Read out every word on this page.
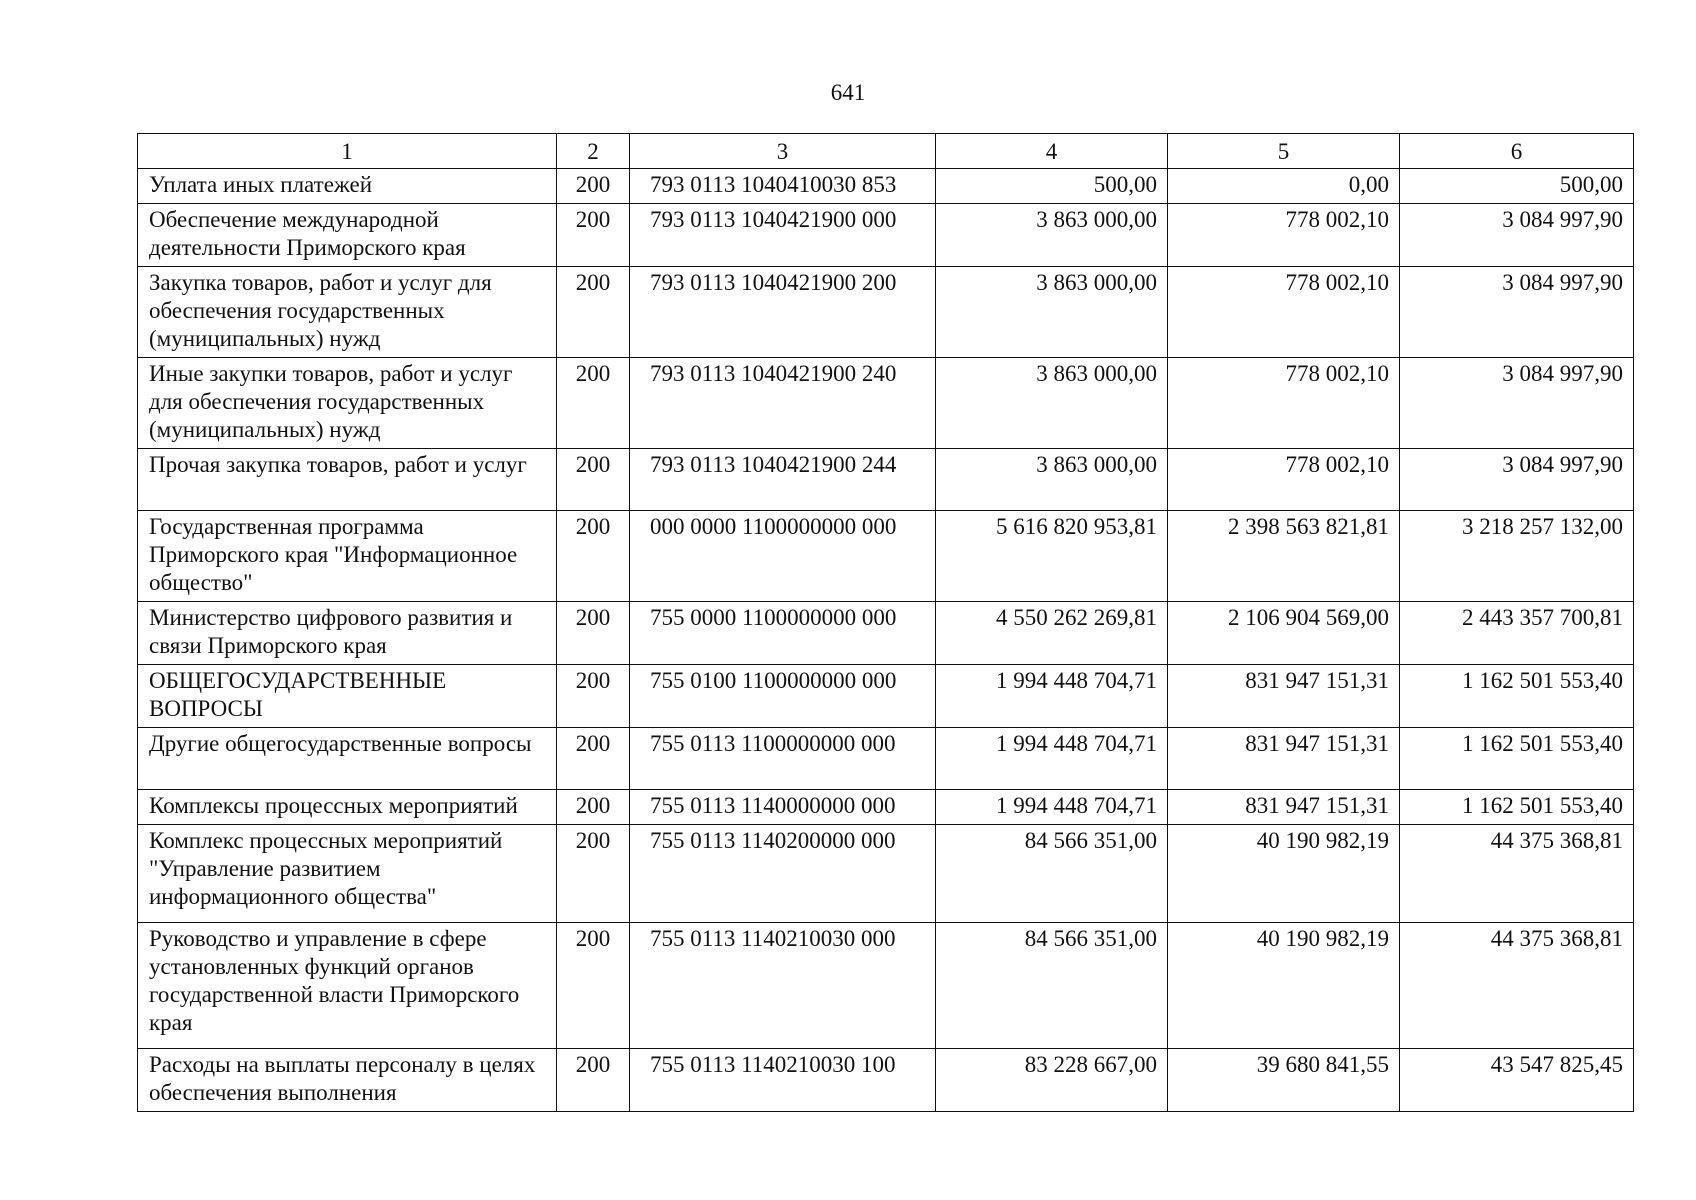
641
1	2	3	4	5	6
Уплата иных платежей	200	793 0113 1040410030 853	500,00	0,00	500,00
Обеспечение международной деятельности Приморского края	200	793 0113 1040421900 000	3 863 000,00	778 002,10	3 084 997,90
Закупка товаров, работ и услуг для обеспечения государственных (муниципальных) нужд	200	793 0113 1040421900 200	3 863 000,00	778 002,10	3 084 997,90
Иные закупки товаров, работ и услуг для обеспечения государственных (муниципальных) нужд	200	793 0113 1040421900 240	3 863 000,00	778 002,10	3 084 997,90
Прочая закупка товаров, работ и услуг	200	793 0113 1040421900 244	3 863 000,00	778 002,10	3 084 997,90
Государственная программа Приморского края "Информационное общество"	200	000 0000 1100000000 000	5 616 820 953,81	2 398 563 821,81	3 218 257 132,00
Министерство цифрового развития и связи Приморского края	200	755 0000 1100000000 000	4 550 262 269,81	2 106 904 569,00	2 443 357 700,81
ОБЩЕГОСУДАРСТВЕННЫЕ ВОПРОСЫ	200	755 0100 1100000000 000	1 994 448 704,71	831 947 151,31	1 162 501 553,40
Другие общегосударственные вопросы	200	755 0113 1100000000 000	1 994 448 704,71	831 947 151,31	1 162 501 553,40
Комплексы процессных мероприятий	200	755 0113 1140000000 000	1 994 448 704,71	831 947 151,31	1 162 501 553,40
Комплекс процессных мероприятий "Управление развитием информационного общества"	200	755 0113 1140200000 000	84 566 351,00	40 190 982,19	44 375 368,81
Руководство и управление в сфере установленных функций органов государственной власти Приморского края	200	755 0113 1140210030 000	84 566 351,00	40 190 982,19	44 375 368,81
Расходы на выплаты персоналу в целях обеспечения выполнения	200	755 0113 1140210030 100	83 228 667,00	39 680 841,55	43 547 825,45
